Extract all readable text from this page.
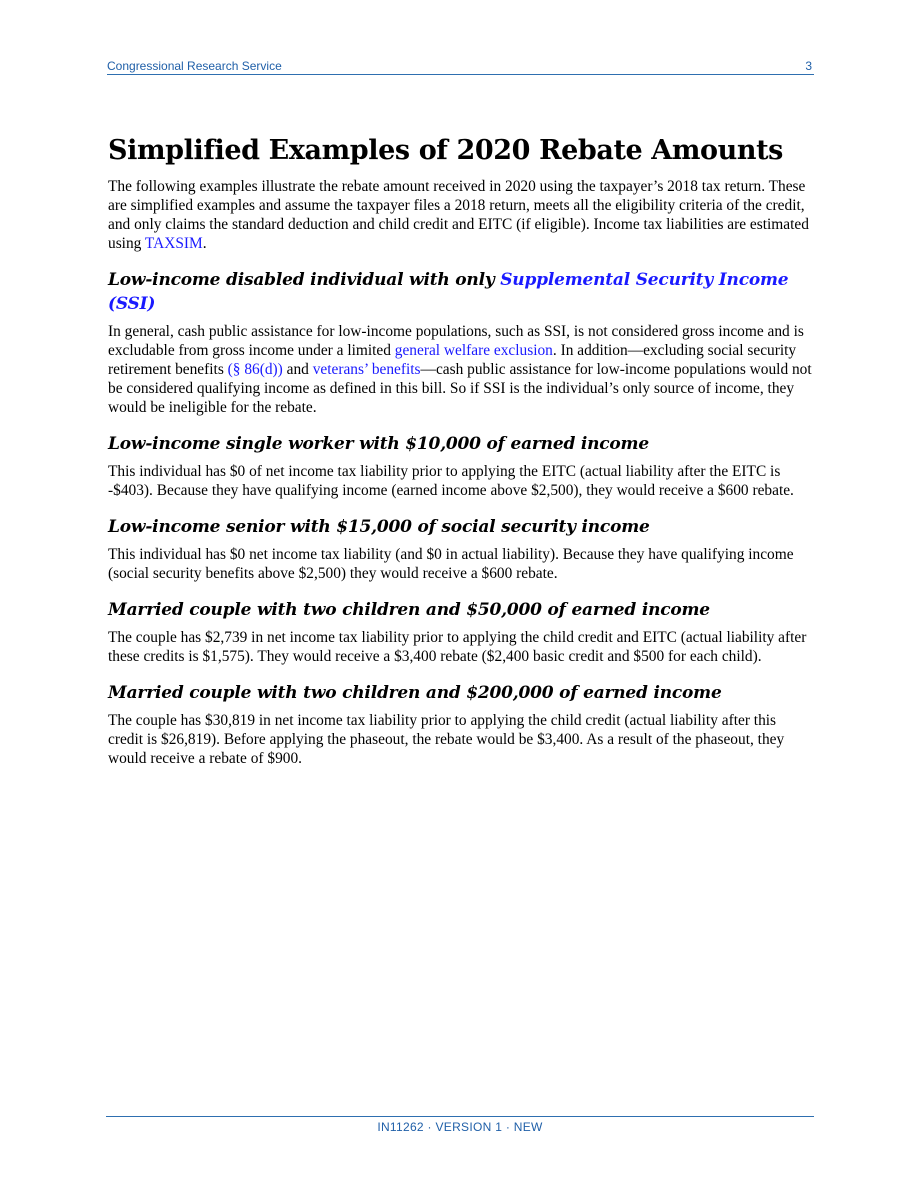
Congressional Research Service	3
Simplified Examples of 2020 Rebate Amounts

The following examples illustrate the rebate amount received in 2020 using the taxpayer’s 2018 tax return. These are simplified examples and assume the taxpayer files a 2018 return, meets all the eligibility criteria of the credit, and only claims the standard deduction and child credit and EITC (if eligible). Income tax liabilities are estimated using TAXSIM.

Low-income disabled individual with only Supplemental Security Income (SSI)

In general, cash public assistance for low-income populations, such as SSI, is not considered gross income and is excludable from gross income under a limited general welfare exclusion. In addition—excluding social security retirement benefits (§ 86(d)) and veterans’ benefits—cash public assistance for low-income populations would not be considered qualifying income as defined in this bill. So if SSI is the individual’s only source of income, they would be ineligible for the rebate.

Low-income single worker with $10,000 of earned income

This individual has $0 of net income tax liability prior to applying the EITC (actual liability after the EITC is -$403). Because they have qualifying income (earned income above $2,500), they would receive a $600 rebate.

Low-income senior with $15,000 of social security income

This individual has $0 net income tax liability (and $0 in actual liability). Because they have qualifying income (social security benefits above $2,500) they would receive a $600 rebate.

Married couple with two children and $50,000 of earned income

The couple has $2,739 in net income tax liability prior to applying the child credit and EITC (actual liability after these credits is $1,575). They would receive a $3,400 rebate ($2,400 basic credit and $500 for each child).

Married couple with two children and $200,000 of earned income

The couple has $30,819 in net income tax liability prior to applying the child credit (actual liability after this credit is $26,819). Before applying the phaseout, the rebate would be $3,400. As a result of the phaseout, they would receive a rebate of $900.

IN11262 · VERSION 1 · NEW
